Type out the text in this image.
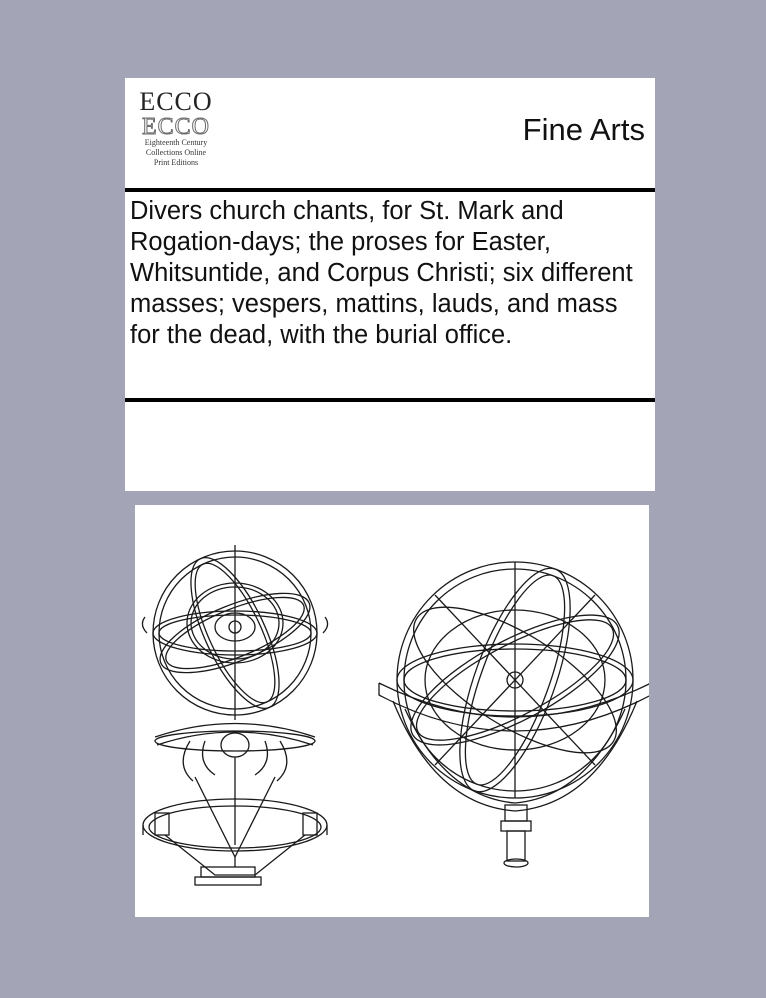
ECCO
ECCO
Eighteenth Century
Collections Online
Print Editions
Fine Arts
Divers church chants, for St. Mark and Rogation-days; the proses for Easter, Whitsuntide, and Corpus Christi; six different masses; vespers, mattins, lauds, and mass for the dead, with the burial office.
